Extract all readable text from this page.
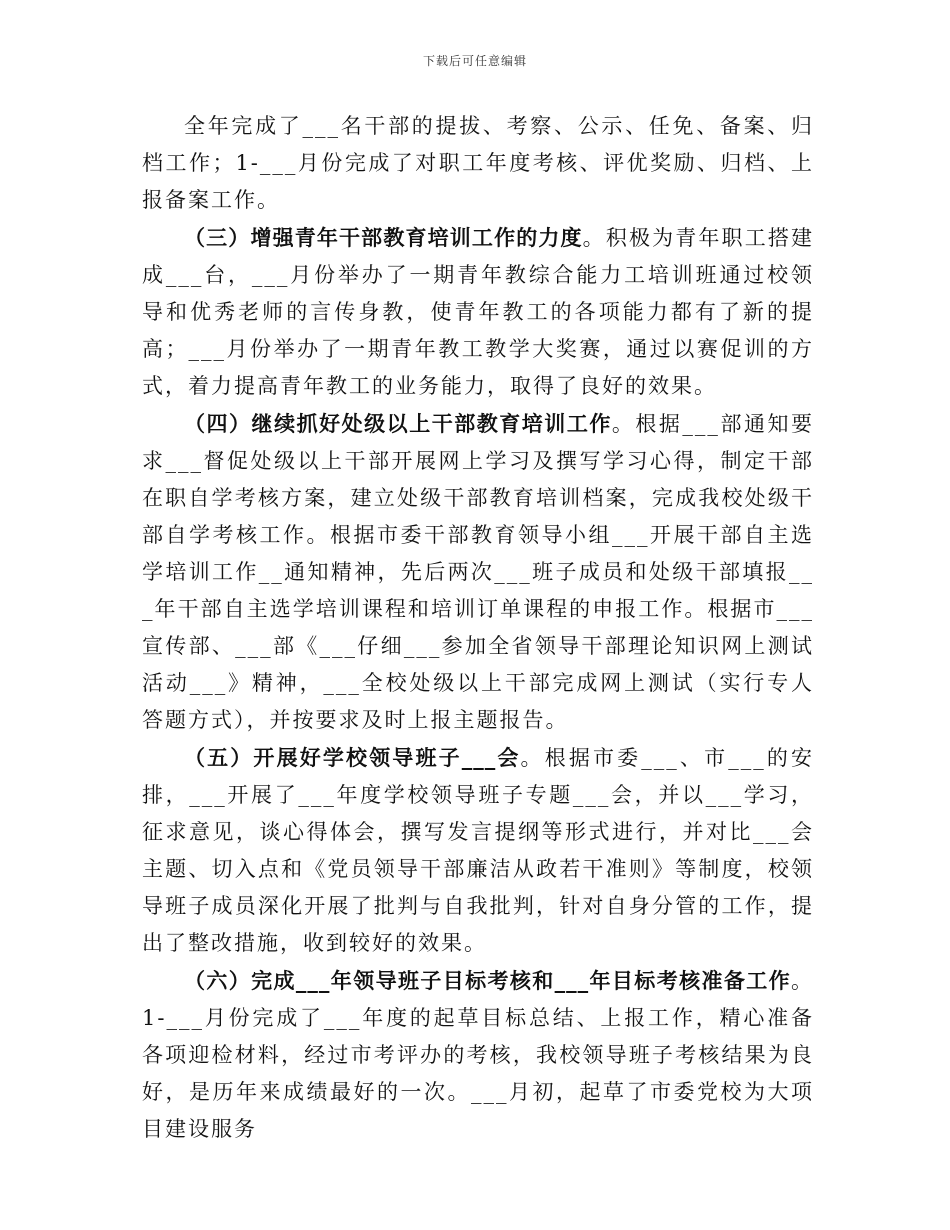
下载后可任意编辑

全年完成了___名干部的提拔、考察、公示、任免、备案、归档工作；1-___月份完成了对职工年度考核、评优奖励、归档、上报备案工作。

（三）增强青年干部教育培训工作的力度。积极为青年职工搭建成___台，___月份举办了一期青年教综合能力工培训班通过校领导和优秀老师的言传身教，使青年教工的各项能力都有了新的提高；___月份举办了一期青年教工教学大奖赛，通过以赛促训的方式，着力提高青年教工的业务能力，取得了良好的效果。

（四）继续抓好处级以上干部教育培训工作。根据___部通知要求___督促处级以上干部开展网上学习及撰写学习心得，制定干部在职自学考核方案，建立处级干部教育培训档案，完成我校处级干部自学考核工作。根据市委干部教育领导小组___开展干部自主选学培训工作__通知精神，先后两次___班子成员和处级干部填报___年干部自主选学培训课程和培训订单课程的申报工作。根据市___宣传部、___部《___仔细___参加全省领导干部理论知识网上测试活动___》精神，___全校处级以上干部完成网上测试（实行专人答题方式），并按要求及时上报主题报告。

（五）开展好学校领导班子___会。根据市委___、市___的安排，___开展了___年度学校领导班子专题___会，并以___学习，征求意见，谈心得体会，撰写发言提纲等形式进行，并对比___会主题、切入点和《党员领导干部廉洁从政若干准则》等制度，校领导班子成员深化开展了批判与自我批判，针对自身分管的工作，提出了整改措施，收到较好的效果。

（六）完成___年领导班子目标考核和___年目标考核准备工作。1-___月份完成了___年度的起草目标总结、上报工作，精心准备各项迎检材料，经过市考评办的考核，我校领导班子考核结果为良好，是历年来成绩最好的一次。___月初，起草了市委党校为大项目建设服务
